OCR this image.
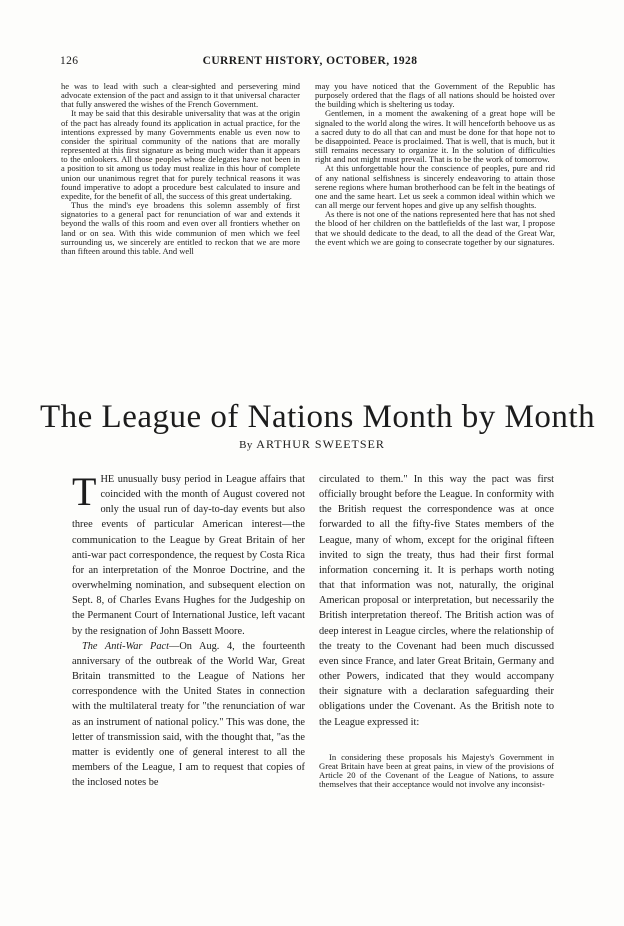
126	CURRENT HISTORY, OCTOBER, 1928

he was to lead with such a clear-sighted and persevering mind advocate extension of the pact and assign to it that universal character that fully answered the wishes of the French Government.

It may be said that this desirable universality that was at the origin of the pact has already found its application in actual practice, for the intentions expressed by many Governments enable us even now to consider the spiritual community of the nations that are morally represented at this first signature as being much wider than it appears to the onlookers. All those peoples whose delegates have not been in a position to sit among us today must realize in this hour of complete union our unanimous regret that for purely technical reasons it was found imperative to adopt a procedure best calculated to insure and expedite, for the benefit of all, the success of this great undertaking.

Thus the mind's eye broadens this solemn assembly of first signatories to a general pact for renunciation of war and extends it beyond the walls of this room and even over all frontiers whether on land or on sea. With this wide communion of men which we feel surrounding us, we sincerely are entitled to reckon that we are more than fifteen around this table. And well

may you have noticed that the Government of the Republic has purposely ordered that the flags of all nations should be hoisted over the building which is sheltering us today.

Gentlemen, in a moment the awakening of a great hope will be signaled to the world along the wires. It will henceforth behoove us as a sacred duty to do all that can and must be done for that hope not to be disappointed. Peace is proclaimed. That is well, that is much, but it still remains necessary to organize it. In the solution of difficulties right and not might must prevail. That is to be the work of tomorrow.

At this unforgettable hour the conscience of peoples, pure and rid of any national selfishness is sincerely endeavoring to attain those serene regions where human brotherhood can be felt in the beatings of one and the same heart. Let us seek a common ideal within which we can all merge our fervent hopes and give up any selfish thoughts.

As there is not one of the nations represented here that has not shed the blood of her children on the battlefields of the last war, I propose that we should dedicate to the dead, to all the dead of the Great War, the event which we are going to consecrate together by our signatures.

The League of Nations Month by Month
By ARTHUR SWEETSER

THE unusually busy period in League affairs that coincided with the month of August covered not only the usual run of day-to-day events but also three events of particular American interest—the communication to the League by Great Britain of her anti-war pact correspondence, the request by Costa Rica for an interpretation of the Monroe Doctrine, and the overwhelming nomination, and subsequent election on Sept. 8, of Charles Evans Hughes for the Judgeship on the Permanent Court of International Justice, left vacant by the resignation of John Bassett Moore.

The Anti-War Pact—On Aug. 4, the fourteenth anniversary of the outbreak of the World War, Great Britain transmitted to the League of Nations her correspondence with the United States in connection with the multilateral treaty for "the renunciation of war as an instrument of national policy." This was done, the letter of transmission said, with the thought that, "as the matter is evidently one of general interest to all the members of the League, I am to request that copies of the inclosed notes be

circulated to them." In this way the pact was first officially brought before the League. In conformity with the British request the correspondence was at once forwarded to all the fifty-five States members of the League, many of whom, except for the original fifteen invited to sign the treaty, thus had their first formal information concerning it. It is perhaps worth noting that that information was not, naturally, the original American proposal or interpretation, but necessarily the British interpretation thereof. The British action was of deep interest in League circles, where the relationship of the treaty to the Covenant had been much discussed even since France, and later Great Britain, Germany and other Powers, indicated that they would accompany their signature with a declaration safeguarding their obligations under the Covenant. As the British note to the League expressed it:

In considering these proposals his Majesty's Government in Great Britain have been at great pains, in view of the provisions of Article 20 of the Covenant of the League of Nations, to assure themselves that their acceptance would not involve any inconsist-
